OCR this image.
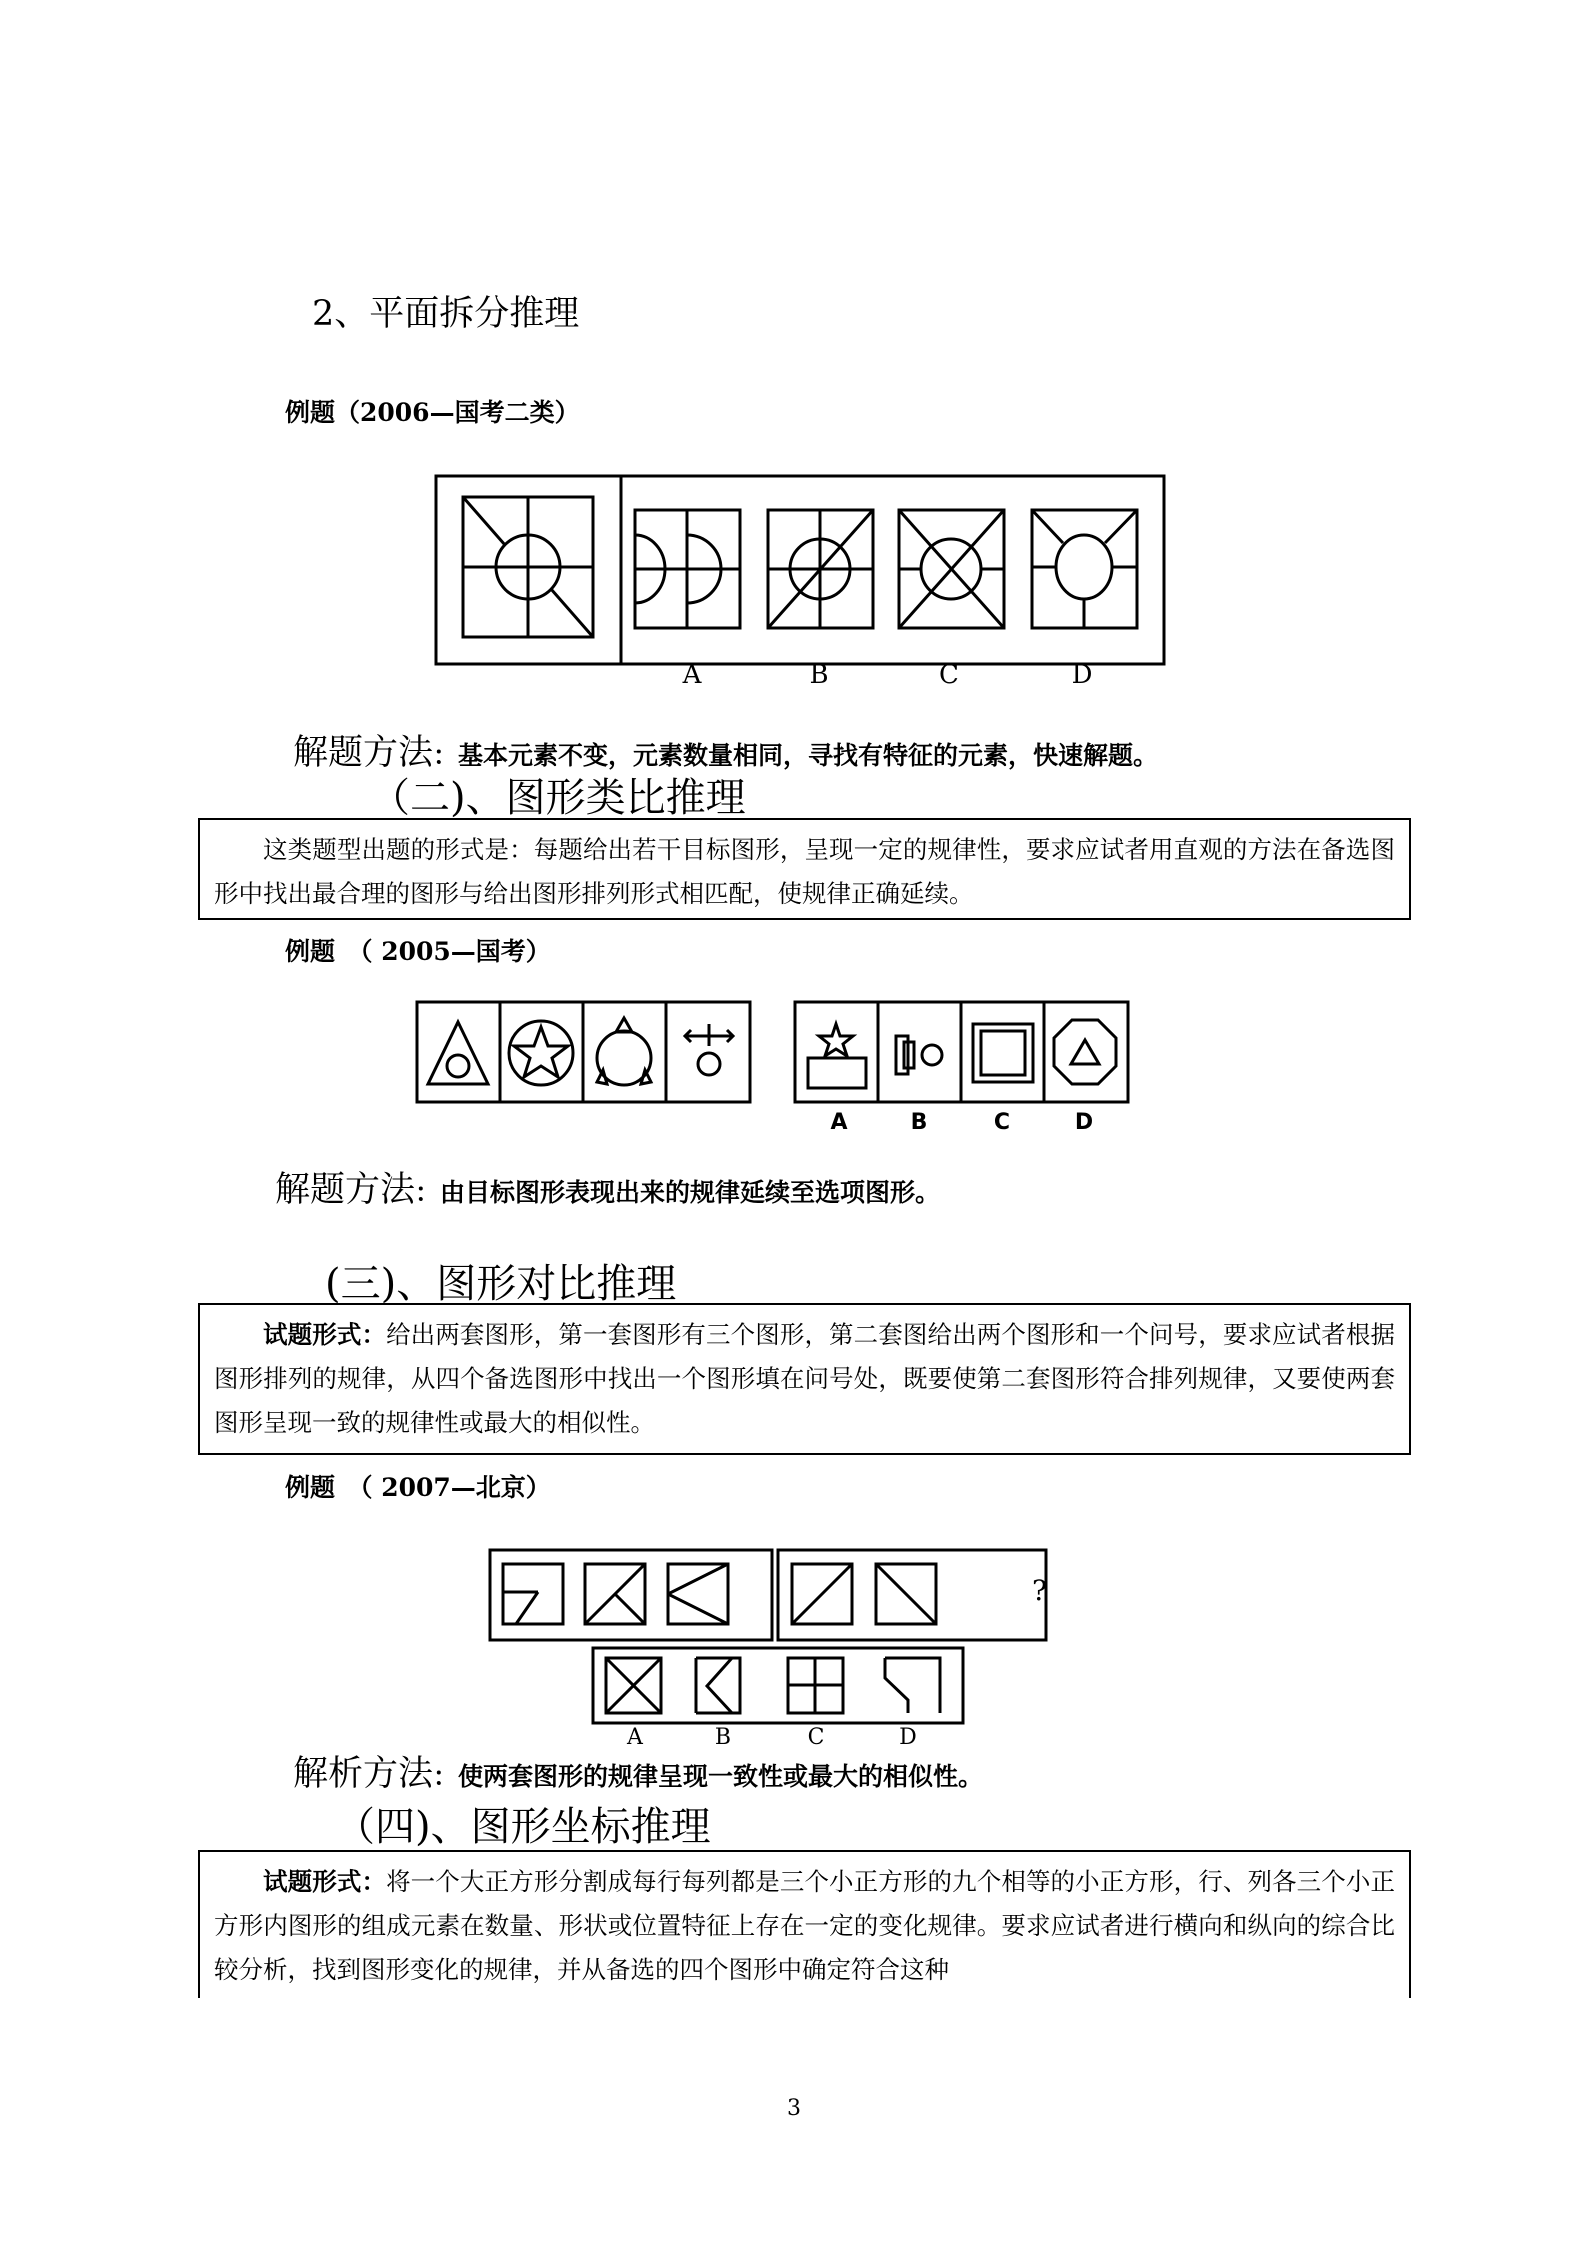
2、平面拆分推理
例题（2006—国考二类）
A	B	C	D
解题方法：基本元素不变，元素数量相同，寻找有特征的元素，快速解题。
（二)、图形类比推理

这类题型出题的形式是：每题给出若干目标图形，呈现一定的规律性，要求应试者用直观的方法在备选图形中找出最合理的图形与给出图形排列形式相匹配，使规律正确延续。

例题　（ 2005—国考）
A	B	C	D
解题方法：由目标图形表现出来的规律延续至选项图形。
(三)、图形对比推理

试题形式：给出两套图形，第一套图形有三个图形，第二套图给出两个图形和一个问号，要求应试者根据图形排列的规律，从四个备选图形中找出一个图形填在问号处，既要使第二套图形符合排列规律，又要使两套图形呈现一致的规律性或最大的相似性。

例题　（ 2007—北京）
?
A	B	C	D
解析方法：使两套图形的规律呈现一致性或最大的相似性。
（四)、图形坐标推理

试题形式：将一个大正方形分割成每行每列都是三个小正方形的九个相等的小正方形，行、列各三个小正方形内图形的组成元素在数量、形状或位置特征上存在一定的变化规律。要求应试者进行横向和纵向的综合比较分析，找到图形变化的规律，并从备选的四个图形中确定符合这种

3
